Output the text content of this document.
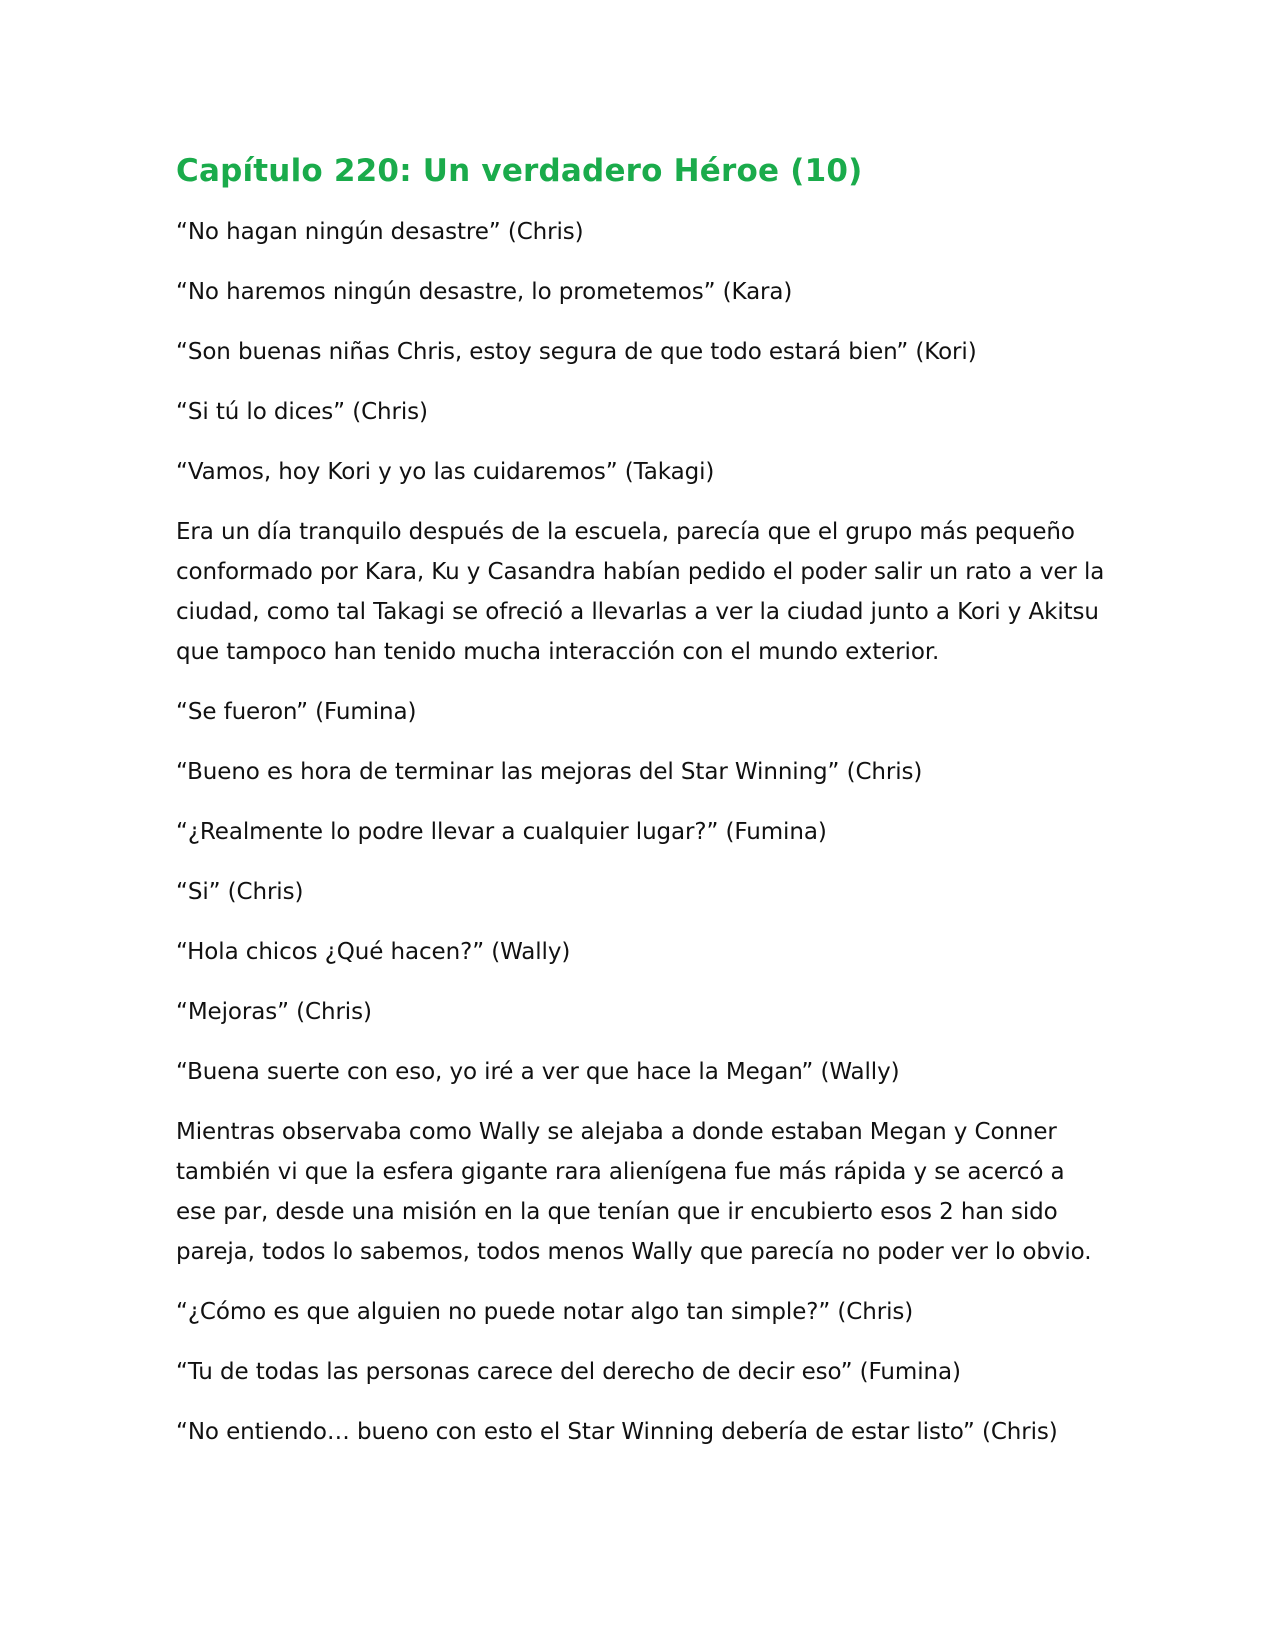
Capítulo 220: Un verdadero Héroe (10)

“No hagan ningún desastre” (Chris)

“No haremos ningún desastre, lo prometemos” (Kara)

“Son buenas niñas Chris, estoy segura de que todo estará bien” (Kori)

“Si tú lo dices” (Chris)

“Vamos, hoy Kori y yo las cuidaremos” (Takagi)

Era un día tranquilo después de la escuela, parecía que el grupo más pequeño conformado por Kara, Ku y Casandra habían pedido el poder salir un rato a ver la ciudad, como tal Takagi se ofreció a llevarlas a ver la ciudad junto a Kori y Akitsu que tampoco han tenido mucha interacción con el mundo exterior.

“Se fueron” (Fumina)

“Bueno es hora de terminar las mejoras del Star Winning” (Chris)

“¿Realmente lo podre llevar a cualquier lugar?” (Fumina)

“Si” (Chris)

“Hola chicos ¿Qué hacen?” (Wally)

“Mejoras” (Chris)

“Buena suerte con eso, yo iré a ver que hace la Megan” (Wally)

Mientras observaba como Wally se alejaba a donde estaban Megan y Conner también vi que la esfera gigante rara alienígena fue más rápida y se acercó a ese par, desde una misión en la que tenían que ir encubierto esos 2 han sido pareja, todos lo sabemos, todos menos Wally que parecía no poder ver lo obvio.

“¿Cómo es que alguien no puede notar algo tan simple?” (Chris)

“Tu de todas las personas carece del derecho de decir eso” (Fumina)

“No entiendo… bueno con esto el Star Winning debería de estar listo” (Chris)
